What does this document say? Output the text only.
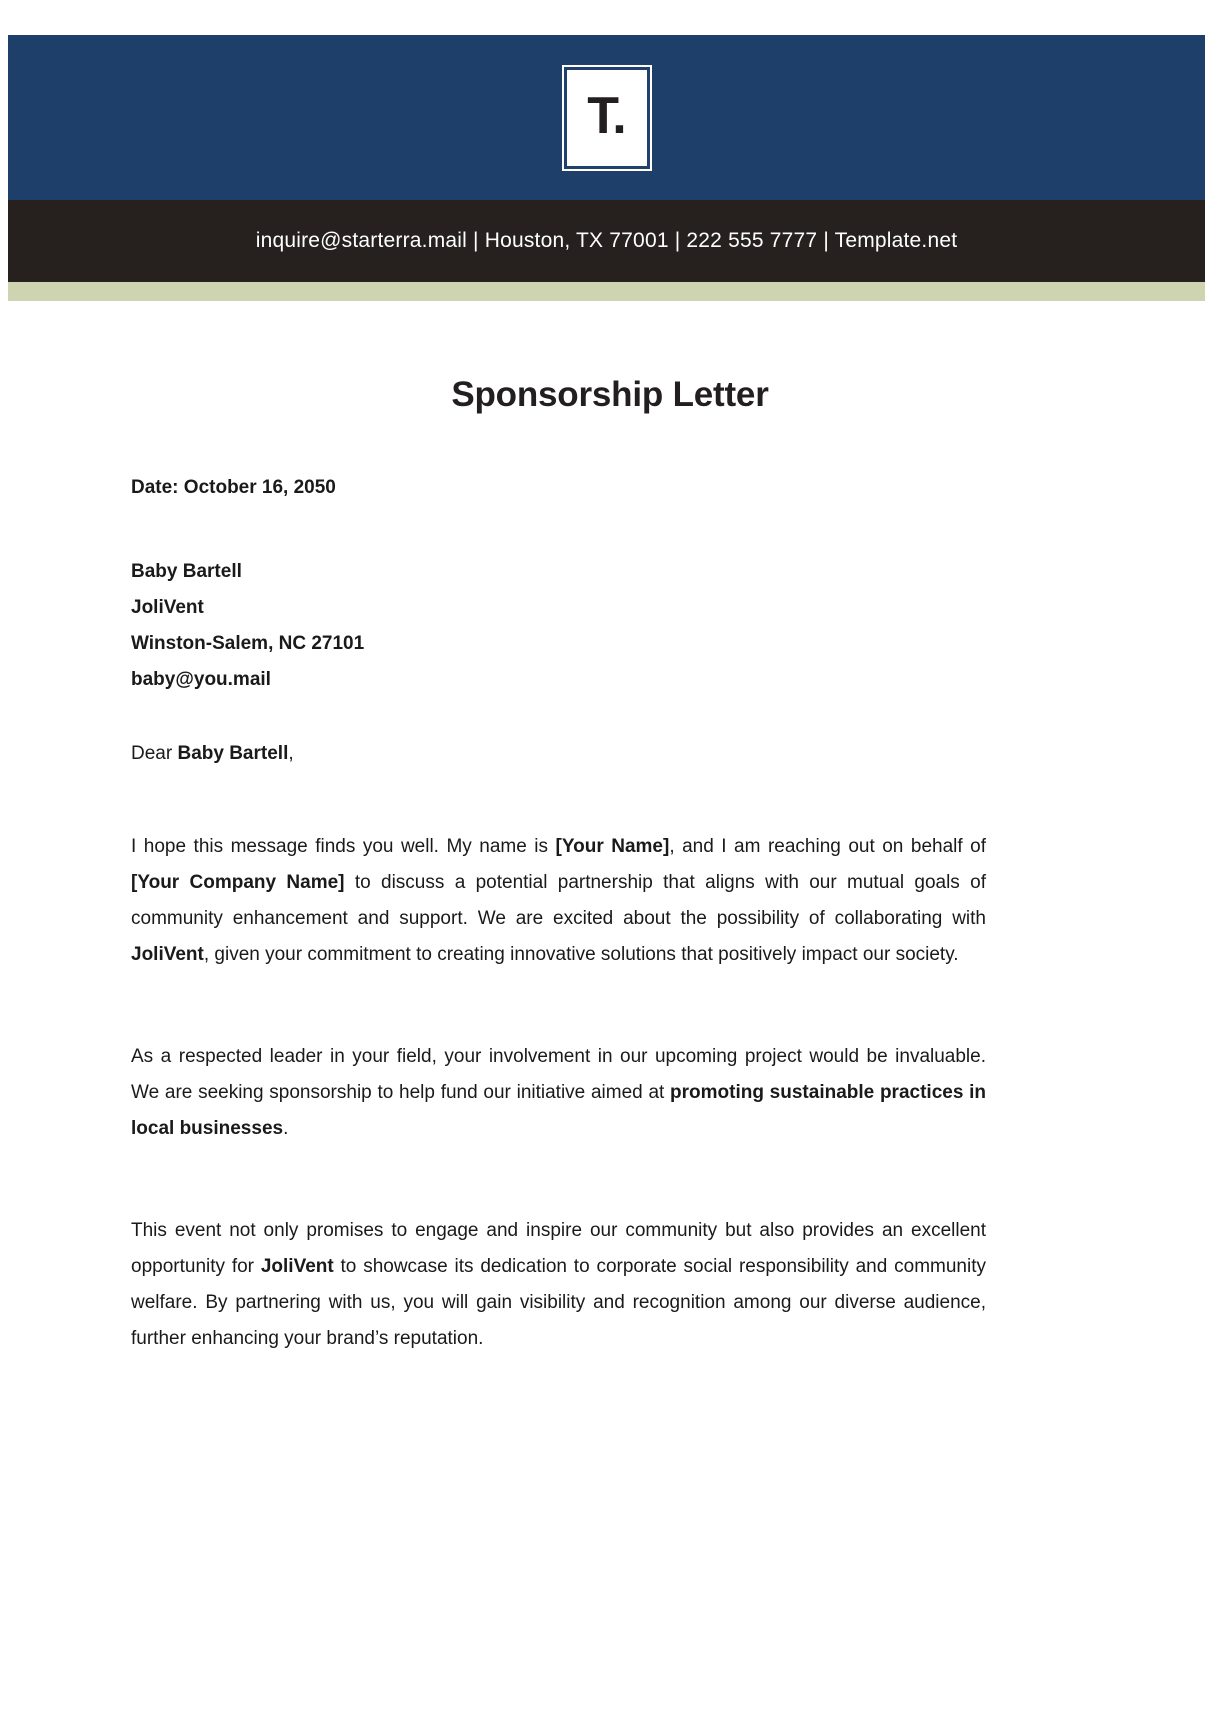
T.
inquire@starterra.mail | Houston, TX 77001 | 222 555 7777 | Template.net
Sponsorship Letter
Date: October 16, 2050
Baby Bartell
JoliVent
Winston-Salem, NC 27101
baby@you.mail
Dear Baby Bartell,

I hope this message finds you well. My name is [Your Name], and I am reaching out on behalf of [Your Company Name] to discuss a potential partnership that aligns with our mutual goals of community enhancement and support. We are excited about the possibility of collaborating with JoliVent, given your commitment to creating innovative solutions that positively impact our society.

As a respected leader in your field, your involvement in our upcoming project would be invaluable. We are seeking sponsorship to help fund our initiative aimed at promoting sustainable practices in local businesses.

This event not only promises to engage and inspire our community but also provides an excellent opportunity for JoliVent to showcase its dedication to corporate social responsibility and community welfare. By partnering with us, you will gain visibility and recognition among our diverse audience, further enhancing your brand’s reputation.
